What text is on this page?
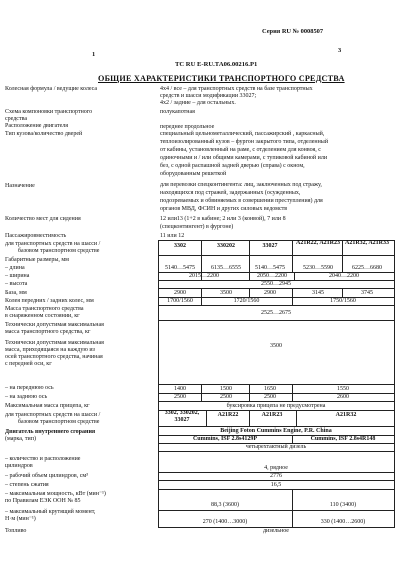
Серия RU № 0008507
1
3
ТС RU E-RU.ТА06.00216.Р1
ОБЩИЕ ХАРАКТЕРИСТИКИ ТРАНСПОРТНОГО СРЕДСТВА
Колесная формула / ведущие колеса	4x4 / все – для транспортных средств на базе транспортных
средств и шасси модификации 33027;
4x2 / задние – для остальных.
Схема компоновки транспортного
средства
полукапотная
Расположение двигателя	переднее продольное
Тип кузова/количество дверей	специальный цельнометаллический, пассажирский , каркасный,
теплоизолированный кузов – фургон закрытого типа, отделенный
от кабины, установленный на раме, с отделением для конвоя, с
одиночными и / или общими камерами, с тупиковой кабиной или
без, с одной распашной задней дверью (справа) с окном,
оборудованным решеткой
Назначение	для перевозки спецконтингента: лиц, заключенных под стражу,
находящихся под стражей, задержанных (осужденных,
подозреваемых и обвиняемых в совершении преступления) для
органов МВД, ФСИН и других силовых ведомств
Количество мест для сидения	12 или13 (1+2 в кабине; 2 или 3 (конвой), 7 или 8
(спецконтингент) в фургоне)
Пассажировместимость	11 или 12
для транспортных средств на шасси /
базовом транспортном средстве
3302	330202	33027	A21R22, A21R23 A21R32, A21R33
Габаритные размеры, мм
– длина	5140…5475	6135…6555	5140…5475	5230…5590	6225…6680
– ширина	2015…2200	2050…2200	2040…2200
– высота	2550…2945
База, мм	2900	3500	2900	3145	3745
Колея передних / задних колес, мм	1700/1560	1720/1560	1750/1560
Масса транспортного средства
в снаряженном состоянии, кг	2525…2675
Технически допустимая максимальная
масса транспортного средства, кг
3500
Технически допустимая максимальная
масса, приходящаяся на каждую из
осей транспортного средства, начиная
с передней оси, кг
– на переднюю ось	1400	1500	1650	1550
– на заднюю ось	2500	2500	2500	2600
Максимальная масса прицепа, кг	буксировка прицепа не предусмотрена
для транспортных средств на шасси /
базовом транспортном средстве
3302, 330202, 33027
A21R22	A21R23	A21R32
Двигатель внутреннего сгорания
(марка, тип)
Beijing Foton Cummins Engine, P.R. China
Cummins, ISF 2.8s4129P	Cummins, ISF 2.8s4R148
четырехтактный дизель
– количество и расположение
цилиндров	4, рядное
– рабочий объем цилиндров, см³	2776
– степень сжатия	16,5
– максимальная мощность, кВт (мин⁻¹)
по Правилам ЕЭК ООН № 85
88,3 (3600)	110 (3400)
– максимальный крутящий момент,
Н·м (мин⁻¹)	270 (1400…3000)	330 (1400…2600)
Топливо	дизельное
